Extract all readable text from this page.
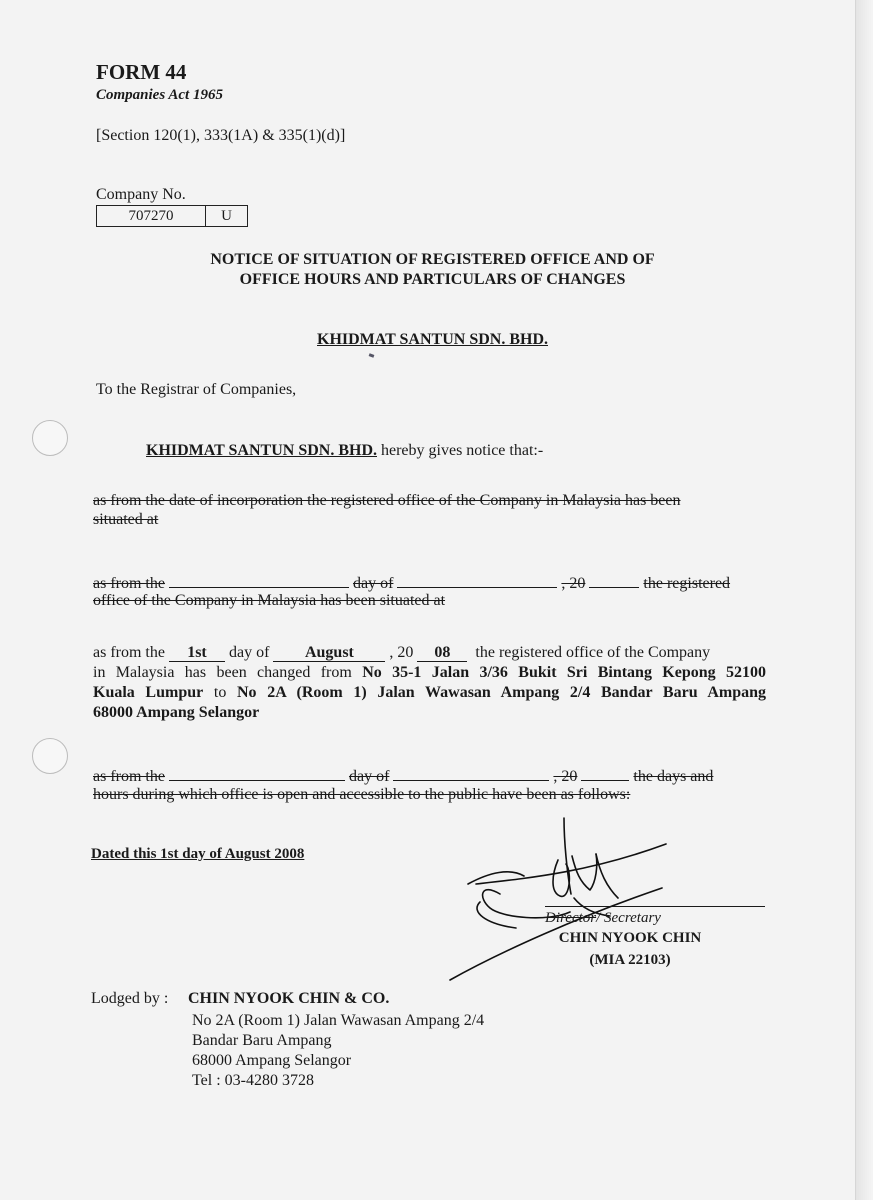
FORM 44
Companies Act 1965
[Section 120(1), 333(1A) & 335(1)(d)]
Company No.
707270	U
NOTICE OF SITUATION OF REGISTERED OFFICE AND OF
OFFICE HOURS AND PARTICULARS OF CHANGES
KHIDMAT SANTUN SDN. BHD.
To the Registrar of Companies,
KHIDMAT SANTUN SDN. BHD. hereby gives notice that:-
as from the date of incorporation the registered office of the Company in Malaysia has been
situated at
as from the	day of	, 20	the registered
office of the Company in Malaysia has been situated at
as from the 1st day of August , 20 08 the registered office of the Company
in Malaysia has been changed from No 35-1 Jalan 3/36 Bukit Sri Bintang Kepong 52100
Kuala Lumpur to No 2A (Room 1) Jalan Wawasan Ampang 2/4 Bandar Baru Ampang
68000 Ampang Selangor
as from the	day of	, 20	the days and
hours during which office is open and accessible to the public have been as follows:
Dated this 1st day of August 2008
Director/ Secretary
CHIN NYOOK CHIN
(MIA 22103)
Lodged by : CHIN NYOOK CHIN & CO.
No 2A (Room 1) Jalan Wawasan Ampang 2/4
Bandar Baru Ampang
68000 Ampang Selangor
Tel : 03-4280 3728
